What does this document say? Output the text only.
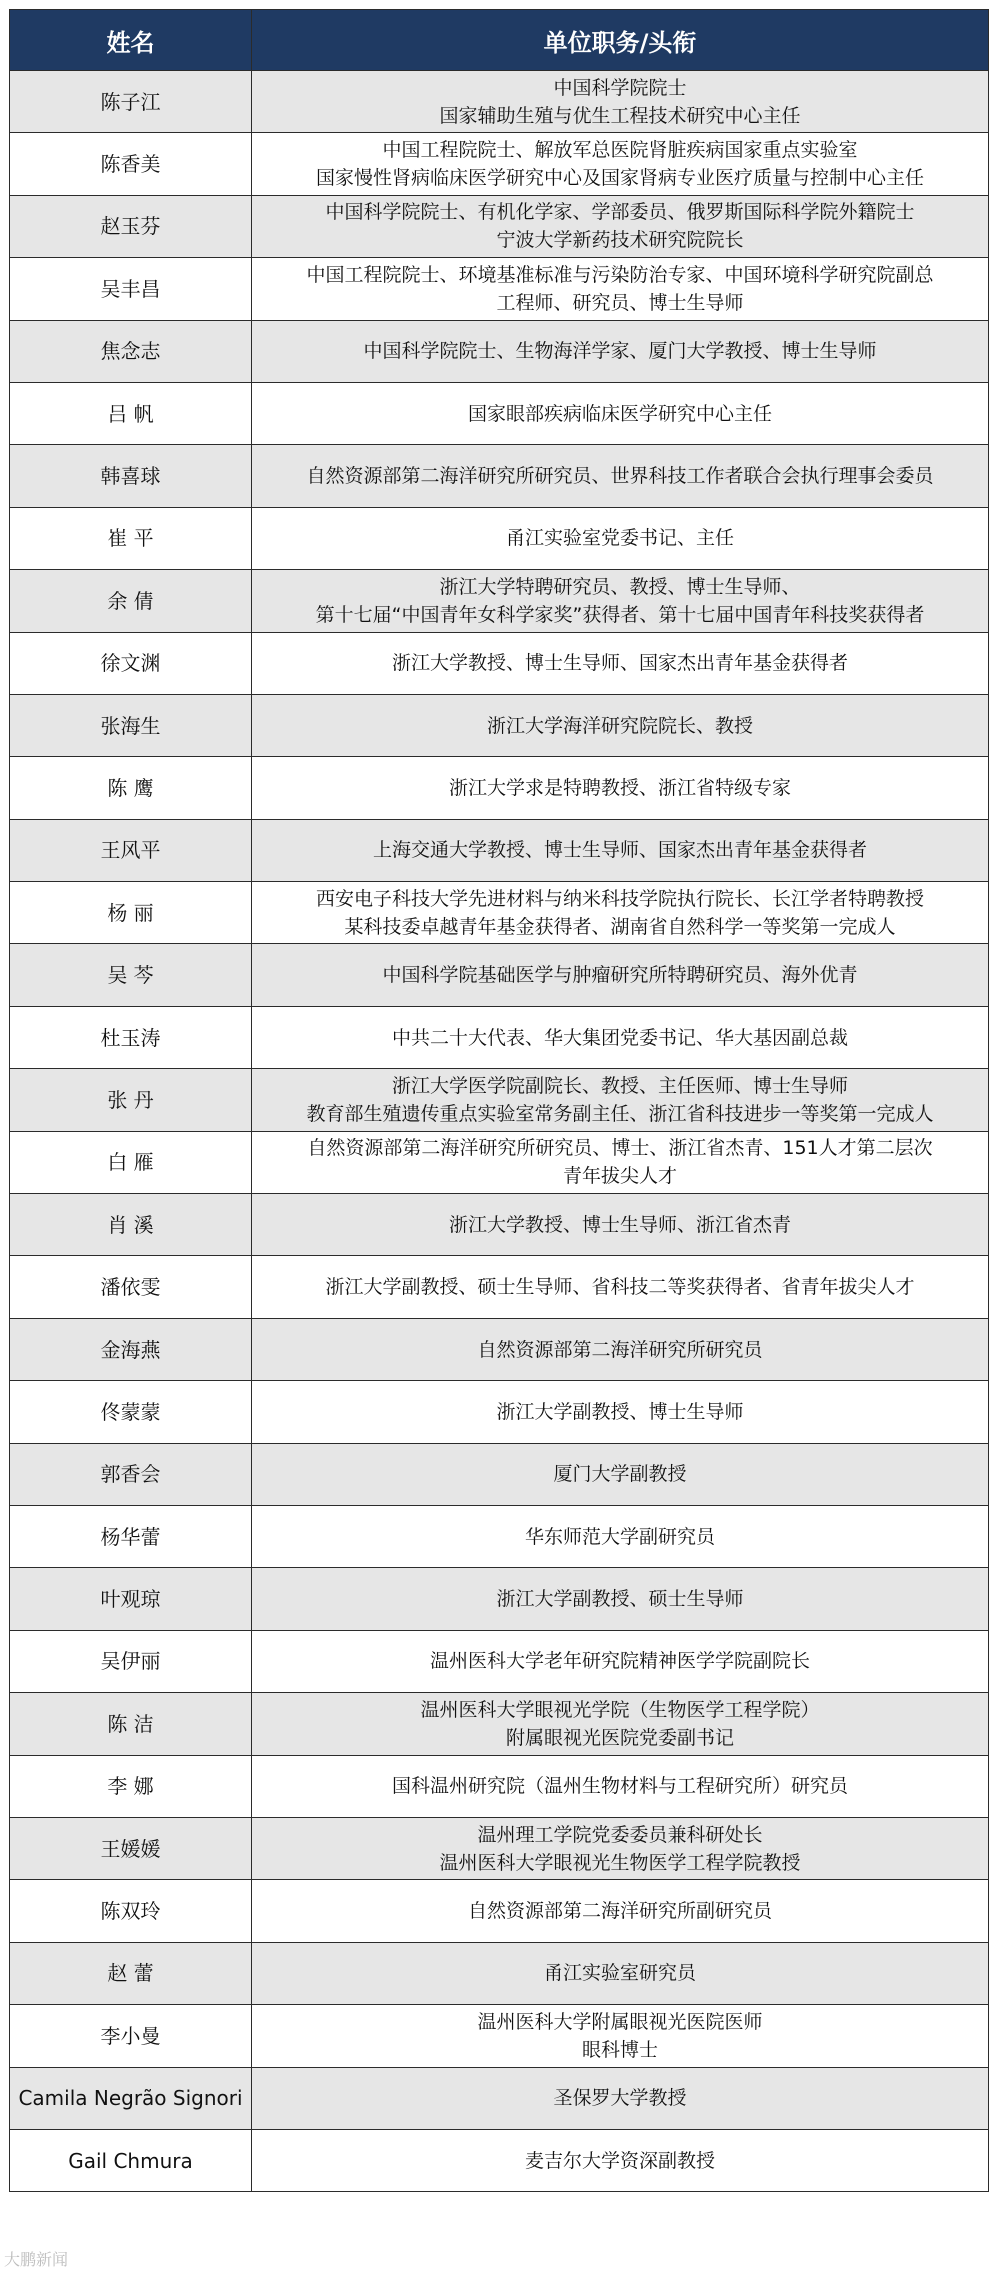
姓名	单位职务/头衔
陈子江	中国科学院院士
国家辅助生殖与优生工程技术研究中心主任

陈香美	中国工程院院士、解放军总医院肾脏疾病国家重点实验室
国家慢性肾病临床医学研究中心及国家肾病专业医疗质量与控制中心主任

赵玉芬	中国科学院院士、有机化学家、学部委员、俄罗斯国际科学院外籍院士
宁波大学新药技术研究院院长

吴丰昌	中国工程院院士、环境基准标准与污染防治专家、中国环境科学研究院副总
工程师、研究员、博士生导师

焦念志	中国科学院院士、生物海洋学家、厦门大学教授、博士生导师

吕 帆	国家眼部疾病临床医学研究中心主任

韩喜球	自然资源部第二海洋研究所研究员、世界科技工作者联合会执行理事会委员

崔 平	甬江实验室党委书记、主任

余 倩	浙江大学特聘研究员、教授、博士生导师、
第十七届“中国青年女科学家奖”获得者、第十七届中国青年科技奖获得者

徐文渊	浙江大学教授、博士生导师、国家杰出青年基金获得者

张海生	浙江大学海洋研究院院长、教授

陈 鹰	浙江大学求是特聘教授、浙江省特级专家

王风平	上海交通大学教授、博士生导师、国家杰出青年基金获得者

杨 丽	西安电子科技大学先进材料与纳米科技学院执行院长、长江学者特聘教授
某科技委卓越青年基金获得者、湖南省自然科学一等奖第一完成人

吴 芩	中国科学院基础医学与肿瘤研究所特聘研究员、海外优青

杜玉涛	中共二十大代表、华大集团党委书记、华大基因副总裁

张 丹	浙江大学医学院副院长、教授、主任医师、博士生导师
教育部生殖遗传重点实验室常务副主任、浙江省科技进步一等奖第一完成人

白 雁	自然资源部第二海洋研究所研究员、博士、浙江省杰青、151人才第二层次
青年拔尖人才

肖 溪	浙江大学教授、博士生导师、浙江省杰青

潘依雯	浙江大学副教授、硕士生导师、省科技二等奖获得者、省青年拔尖人才

金海燕	自然资源部第二海洋研究所研究员

佟蒙蒙	浙江大学副教授、博士生导师

郭香会	厦门大学副教授

杨华蕾	华东师范大学副研究员

叶观琼	浙江大学副教授、硕士生导师

吴伊丽	温州医科大学老年研究院精神医学学院副院长

陈 洁	温州医科大学眼视光学院（生物医学工程学院）
附属眼视光医院党委副书记

李 娜	国科温州研究院（温州生物材料与工程研究所）研究员

王媛媛	温州理工学院党委委员兼科研处长
温州医科大学眼视光生物医学工程学院教授

陈双玲	自然资源部第二海洋研究所副研究员

赵 蕾	甬江实验室研究员

李小曼	温州医科大学附属眼视光医院医师
眼科博士

Camila Negrão Signori	圣保罗大学教授

Gail Chmura	麦吉尔大学资深副教授
大鹏新闻
